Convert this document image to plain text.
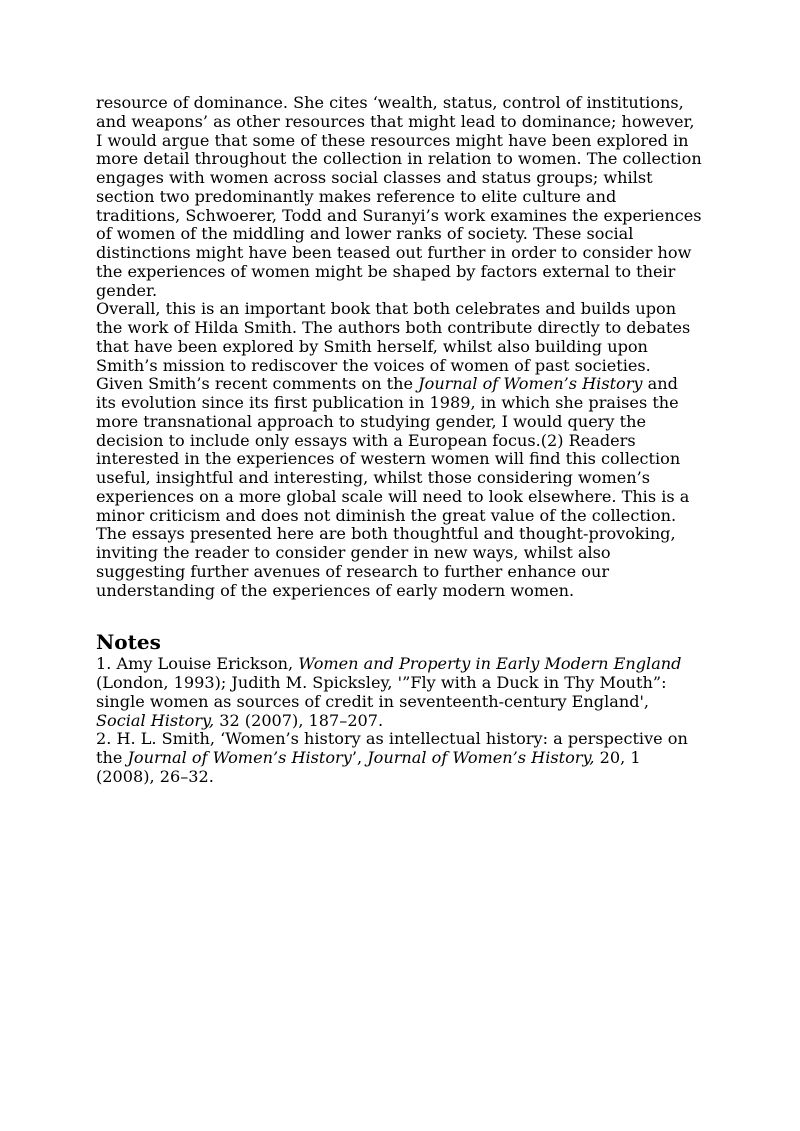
resource of dominance. She cites ‘wealth, status, control of institutions, and weapons’ as other resources that might lead to dominance; however, I would argue that some of these resources might have been explored in more detail throughout the collection in relation to women. The collection engages with women across social classes and status groups; whilst section two predominantly makes reference to elite culture and traditions, Schwoerer, Todd and Suranyi’s work examines the experiences of women of the middling and lower ranks of society. These social distinctions might have been teased out further in order to consider how the experiences of women might be shaped by factors external to their gender.

Overall, this is an important book that both celebrates and builds upon the work of Hilda Smith. The authors both contribute directly to debates that have been explored by Smith herself, whilst also building upon Smith’s mission to rediscover the voices of women of past societies. Given Smith’s recent comments on the Journal of Women’s History and its evolution since its first publication in 1989, in which she praises the more transnational approach to studying gender, I would query the decision to include only essays with a European focus.(2) Readers interested in the experiences of western women will find this collection useful, insightful and interesting, whilst those considering women’s experiences on a more global scale will need to look elsewhere. This is a minor criticism and does not diminish the great value of the collection. The essays presented here are both thoughtful and thought-provoking, inviting the reader to consider gender in new ways, whilst also suggesting further avenues of research to further enhance our understanding of the experiences of early modern women.

Notes

1. Amy Louise Erickson, Women and Property in Early Modern England (London, 1993); Judith M. Spicksley, '”Fly with a Duck in Thy Mouth”: single women as sources of credit in seventeenth-century England', Social History, 32 (2007), 187–207.

2. H. L. Smith, ‘Women’s history as intellectual history: a perspective on the Journal of Women’s History’, Journal of Women’s History, 20, 1 (2008), 26–32.
